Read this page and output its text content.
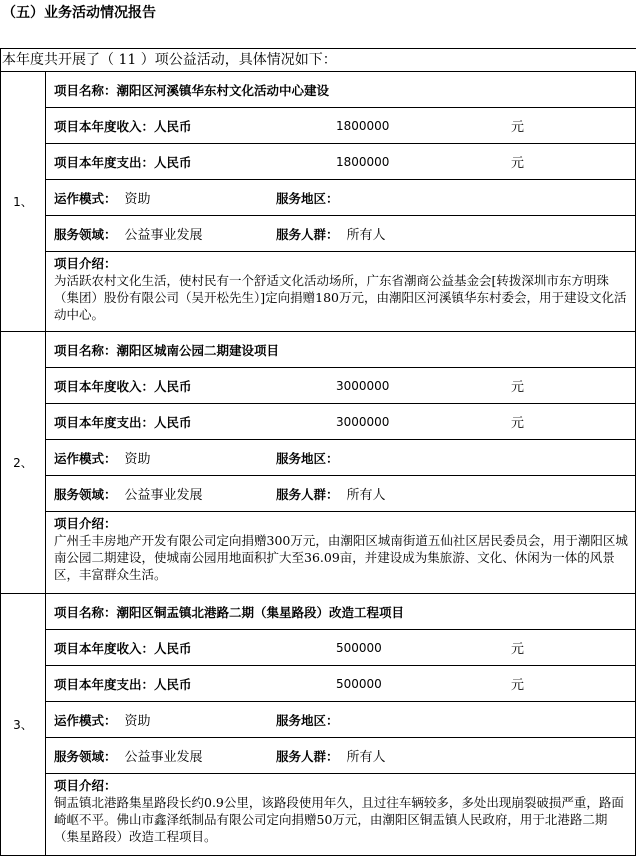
（五）业务活动情况报告
本年度共开展了（ 11 ）项公益活动，具体情况如下：
1、
项目名称： 潮阳区河溪镇华东村文化活动中心建设
项目本年度收入：人民币	1800000	元
项目本年度支出：人民币	1800000	元
运作模式： 资助	服务地区：
服务领域： 公益事业发展	服务人群： 所有人
项目介绍：
为活跃农村文化生活，使村民有一个舒适文化活动场所，广东省潮商公益基金会[转拨深圳市东方明珠（集团）股份有限公司（吴开松先生）]定向捐赠180万元，由潮阳区河溪镇华东村委会，用于建设文化活动中心。
2、
项目名称： 潮阳区城南公园二期建设项目
项目本年度收入：人民币	3000000	元
项目本年度支出：人民币	3000000	元
运作模式： 资助	服务地区：
服务领域： 公益事业发展	服务人群： 所有人
项目介绍：
广州壬丰房地产开发有限公司定向捐赠300万元，由潮阳区城南街道五仙社区居民委员会，用于潮阳区城南公园二期建设，使城南公园用地面积扩大至36.09亩，并建设成为集旅游、文化、休闲为一体的风景区，丰富群众生活。
3、
项目名称： 潮阳区铜盂镇北港路二期（集星路段）改造工程项目
项目本年度收入：人民币	500000	元
项目本年度支出：人民币	500000	元
运作模式： 资助	服务地区：
服务领域： 公益事业发展	服务人群： 所有人
项目介绍：
铜盂镇北港路集星路段长约0.9公里，该路段使用年久，且过往车辆较多，多处出现崩裂破损严重，路面崎岖不平。佛山市鑫泽纸制品有限公司定向捐赠50万元，由潮阳区铜盂镇人民政府，用于北港路二期（集星路段）改造工程项目。
